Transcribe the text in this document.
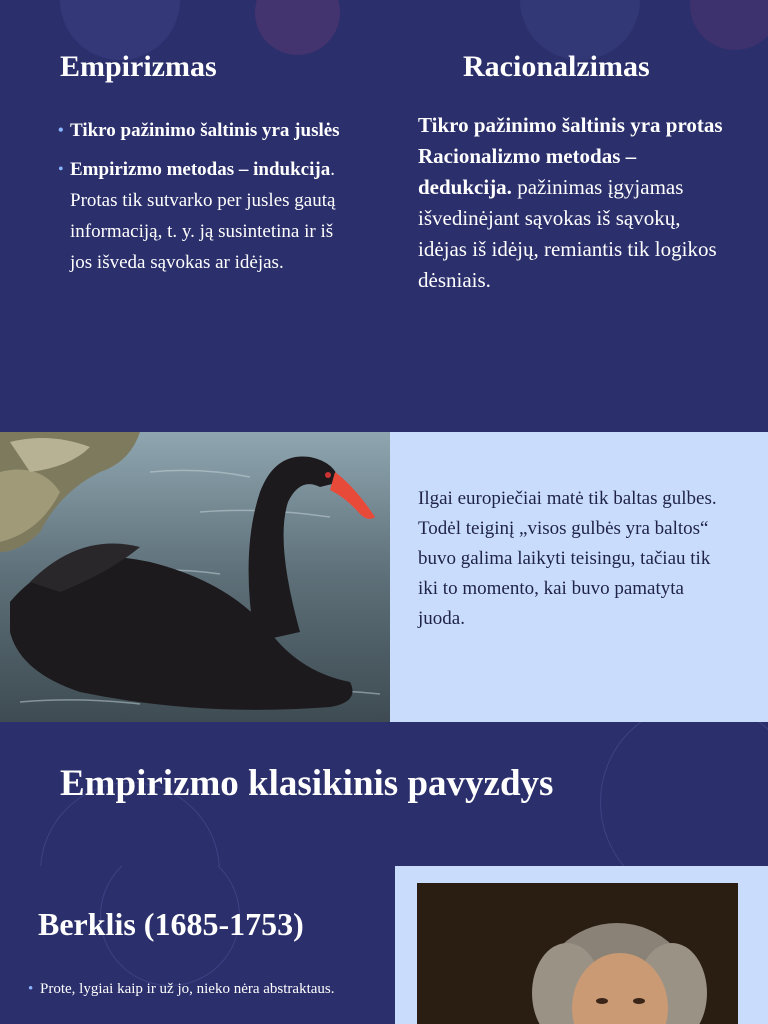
Empirizmas	Racionalzimas
• Tikro pažinimo šaltinis yra juslės
• Empirizmo metodas – indukcija. Protas tik sutvarko per jusles gautą informaciją, t. y. ją susintetina ir iš jos išveda sąvokas ar idėjas.
Tikro pažinimo šaltinis yra protas
Racionalizmo metodas – dedukcija. pažinimas įgyjamas išvedinėjant sąvokas iš sąvokų, idėjas iš idėjų, remiantis tik logikos dėsniais.
Ilgai europiečiai matė tik baltas gulbes. Todėl teiginį „visos gulbės yra baltos“ buvo galima laikyti teisingu, tačiau tik iki to momento, kai buvo pamatyta juoda.
Empirizmo klasikinis pavyzdys
Berklis (1685-1753)
• Prote, lygiai kaip ir už jo, nieko nėra abstraktaus.
